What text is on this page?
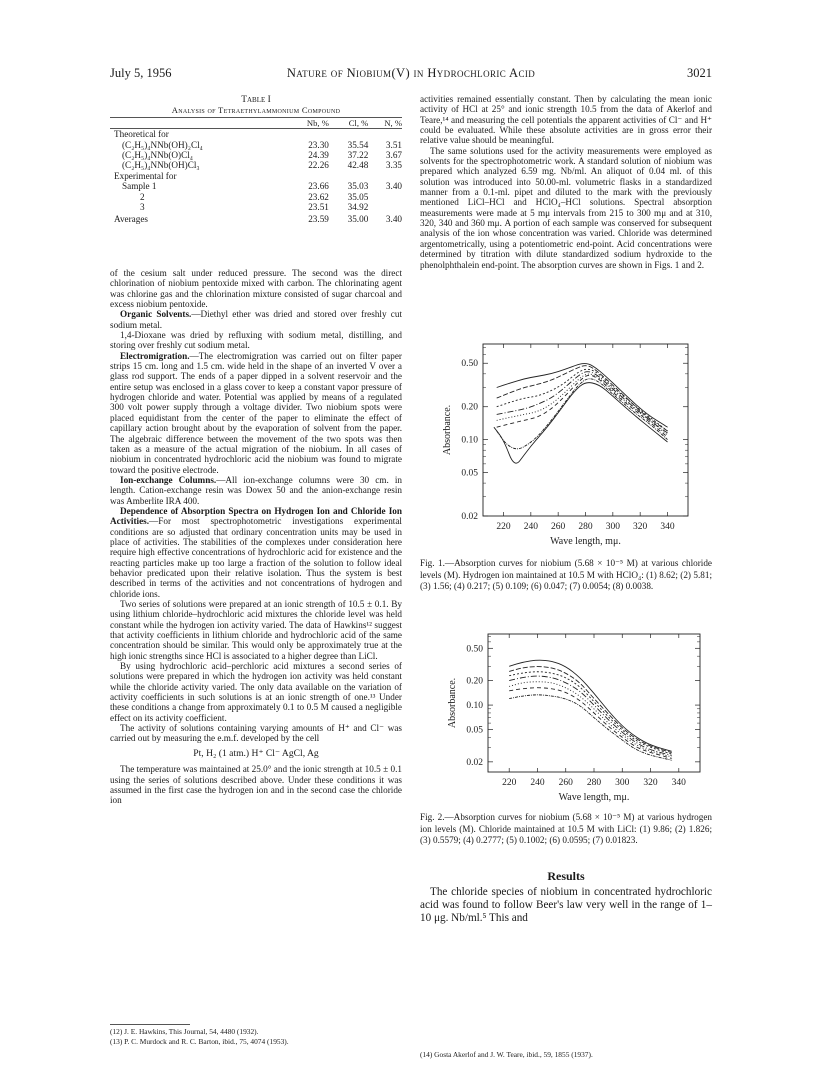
July 5, 1956	Nature of Niobium(V) in Hydrochloric Acid	3021
Table I
Analysis of Tetraethylammonium Compound
	Nb, %	Cl, %	N, %
Theoretical for			
(C₂H₅)₄NNb(OH)₂Cl₄	23.30	35.54	3.51
(C₂H₅)₄NNb(O)Cl₄	24.39	37.22	3.67
(C₂H₅)₄NNb(OH)Cl₃	22.26	42.48	3.35
Experimental for			
Sample 1	23.66	35.03	3.40
2	23.62	35.05	
3	23.51	34.92	
Averages	23.59	35.00	3.40

of the cesium salt under reduced pressure. The second was the direct chlorination of niobium pentoxide mixed with carbon. The chlorinating agent was chlorine gas and the chlorination mixture consisted of sugar charcoal and excess niobium pentoxide.

Organic Solvents.—Diethyl ether was dried and stored over freshly cut sodium metal.

1,4-Dioxane was dried by refluxing with sodium metal, distilling, and storing over freshly cut sodium metal.

Electromigration.—The electromigration was carried out on filter paper strips 15 cm. long and 1.5 cm. wide held in the shape of an inverted V over a glass rod support. The ends of a paper dipped in a solvent reservoir and the entire setup was enclosed in a glass cover to keep a constant vapor pressure of hydrogen chloride and water. Potential was applied by means of a regulated 300 volt power supply through a voltage divider. Two niobium spots were placed equidistant from the center of the paper to eliminate the effect of capillary action brought about by the evaporation of solvent from the paper. The algebraic difference between the movement of the two spots was then taken as a measure of the actual migration of the niobium. In all cases of niobium in concentrated hydrochloric acid the niobium was found to migrate toward the positive electrode.

Ion-exchange Columns.—All ion-exchange columns were 30 cm. in length. Cation-exchange resin was Dowex 50 and the anion-exchange resin was Amberlite IRA 400.

Dependence of Absorption Spectra on Hydrogen Ion and Chloride Ion Activities.—For most spectrophotometric investigations experimental conditions are so adjusted that ordinary concentration units may be used in place of activities. The stabilities of the complexes under consideration here require high effective concentrations of hydrochloric acid for existence and the reacting particles make up too large a fraction of the solution to follow ideal behavior predicated upon their relative isolation. Thus the system is best described in terms of the activities and not concentrations of hydrogen and chloride ions.

Two series of solutions were prepared at an ionic strength of 10.5 ± 0.1. By using lithium chloride–hydrochloric acid mixtures the chloride level was held constant while the hydrogen ion activity varied. The data of Hawkins¹² suggest that activity coefficients in lithium chloride and hydrochloric acid of the same concentration should be similar. This would only be approximately true at the high ionic strengths since HCl is associated to a higher degree than LiCl.

By using hydrochloric acid–perchloric acid mixtures a second series of solutions were prepared in which the hydrogen ion activity was held constant while the chloride activity varied. The only data available on the variation of activity coefficients in such solutions is at an ionic strength of one.¹³ Under these conditions a change from approximately 0.1 to 0.5 M caused a negligible effect on its activity coefficient.

The activity of solutions containing varying amounts of H⁺ and Cl⁻ was carried out by measuring the e.m.f. developed by the cell

Pt, H₂ (1 atm.) H⁺ Cl⁻ AgCl, Ag

The temperature was maintained at 25.0° and the ionic strength at 10.5 ± 0.1 using the series of solutions described above. Under these conditions it was assumed in the first case the hydrogen ion and in the second case the chloride ion

(12) J. E. Hawkins, This Journal, 54, 4480 (1932).
(13) P. C. Murdock and R. C. Barton, ibid., 75, 4074 (1953).

activities remained essentially constant. Then by calculating the mean ionic activity of HCl at 25° and ionic strength 10.5 from the data of Akerlof and Teare,¹⁴ and measuring the cell potentials the apparent activities of Cl⁻ and H⁺ could be evaluated. While these absolute activities are in gross error their relative value should be meaningful.

The same solutions used for the activity measurements were employed as solvents for the spectrophotometric work. A standard solution of niobium was prepared which analyzed 6.59 mg. Nb/ml. An aliquot of 0.04 ml. of this solution was introduced into 50.00-ml. volumetric flasks in a standardized manner from a 0.1-ml. pipet and diluted to the mark with the previously mentioned LiCl–HCl and HClO₄–HCl solutions. Spectral absorption measurements were made at 5 mμ intervals from 215 to 300 mμ and at 310, 320, 340 and 360 mμ. A portion of each sample was conserved for subsequent analysis of the ion whose concentration was varied. Chloride was determined argentometrically, using a potentiometric end-point. Acid concentrations were determined by titration with dilute standardized sodium hydroxide to the phenolphthalein end-point. The absorption curves are shown in Figs. 1 and 2.

220 240 260 280 300 320 340
0.02
0.05
0.10
0.20
0.50
Wave length, mμ.
Absorbance.
Fig. 1.—Absorption curves for niobium (5.68 × 10⁻⁵ M) at various chloride levels (M). Hydrogen ion maintained at 10.5 M with HClO₄: (1) 8.62; (2) 5.81; (3) 1.56; (4) 0.217; (5) 0.109; (6) 0.047; (7) 0.0054; (8) 0.0038.
220 240 260 280 300 320 340
0.02
0.05
0.10
0.20
0.50
Wave length, mμ.
Absorbance.
Fig. 2.—Absorption curves for niobium (5.68 × 10⁻⁵ M) at various hydrogen ion levels (M). Chloride maintained at 10.5 M with LiCl: (1) 9.86; (2) 1.826; (3) 0.5579; (4) 0.2777; (5) 0.1002; (6) 0.0595; (7) 0.01823.
Results

The chloride species of niobium in concentrated hydrochloric acid was found to follow Beer's law very well in the range of 1–10 μg. Nb/ml.⁵ This and

(14) Gosta Akerlof and J. W. Teare, ibid., 59, 1855 (1937).
